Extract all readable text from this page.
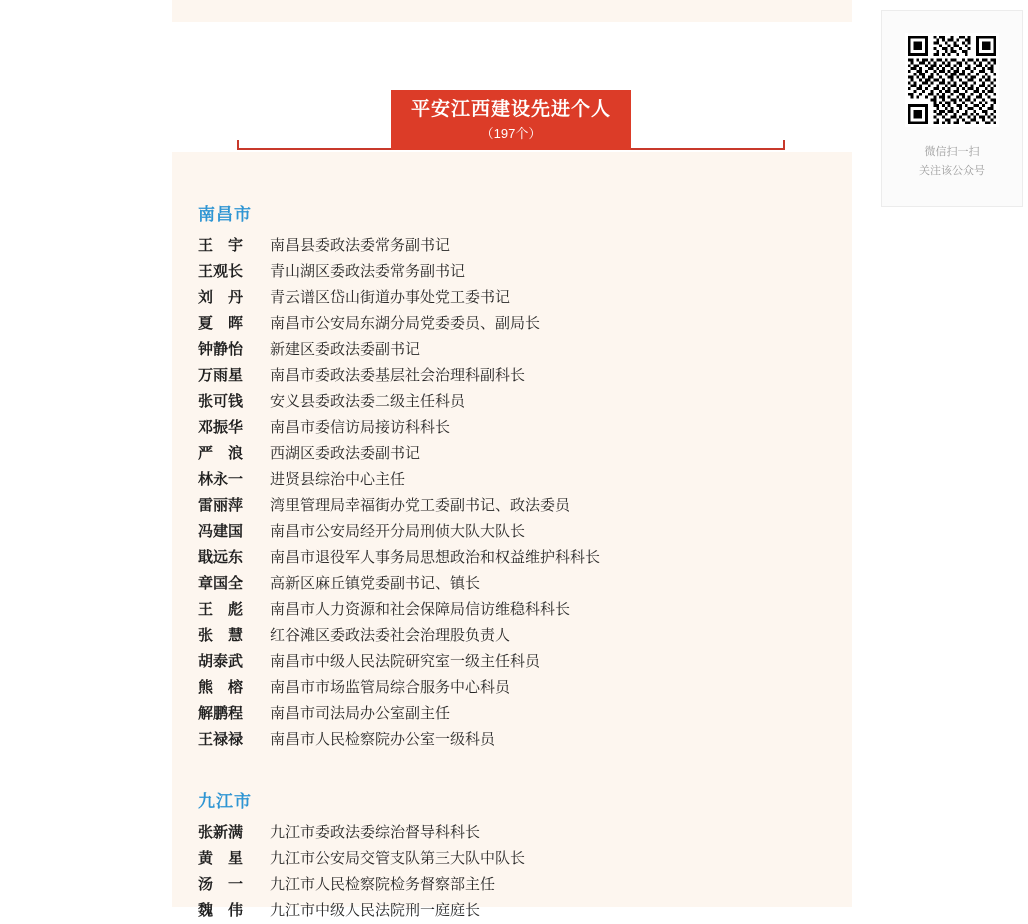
平安江西建设先进个人
（197个）
南昌市
王　宇	南昌县委政法委常务副书记
王观长	青山湖区委政法委常务副书记
刘　丹	青云谱区岱山街道办事处党工委书记
夏　晖	南昌市公安局东湖分局党委委员、副局长
钟静怡	新建区委政法委副书记
万雨星	南昌市委政法委基层社会治理科副科长
张可钱	安义县委政法委二级主任科员
邓振华	南昌市委信访局接访科科长
严　浪	西湖区委政法委副书记
林永一	进贤县综治中心主任
雷丽萍	湾里管理局幸福街办党工委副书记、政法委员
冯建国	南昌市公安局经开分局刑侦大队大队长
戢远东	南昌市退役军人事务局思想政治和权益维护科科长
章国全	高新区麻丘镇党委副书记、镇长
王　彪	南昌市人力资源和社会保障局信访维稳科科长
张　慧	红谷滩区委政法委社会治理股负责人
胡泰武	南昌市中级人民法院研究室一级主任科员
熊　榕	南昌市市场监管局综合服务中心科员
解鹏程	南昌市司法局办公室副主任
王禄禄	南昌市人民检察院办公室一级科员
九江市
张新满	九江市委政法委综治督导科科长
黄　星	九江市公安局交管支队第三大队中队长
汤　一	九江市人民检察院检务督察部主任
魏　伟	九江市中级人民法院刑一庭庭长
微信扫一扫
关注该公众号
